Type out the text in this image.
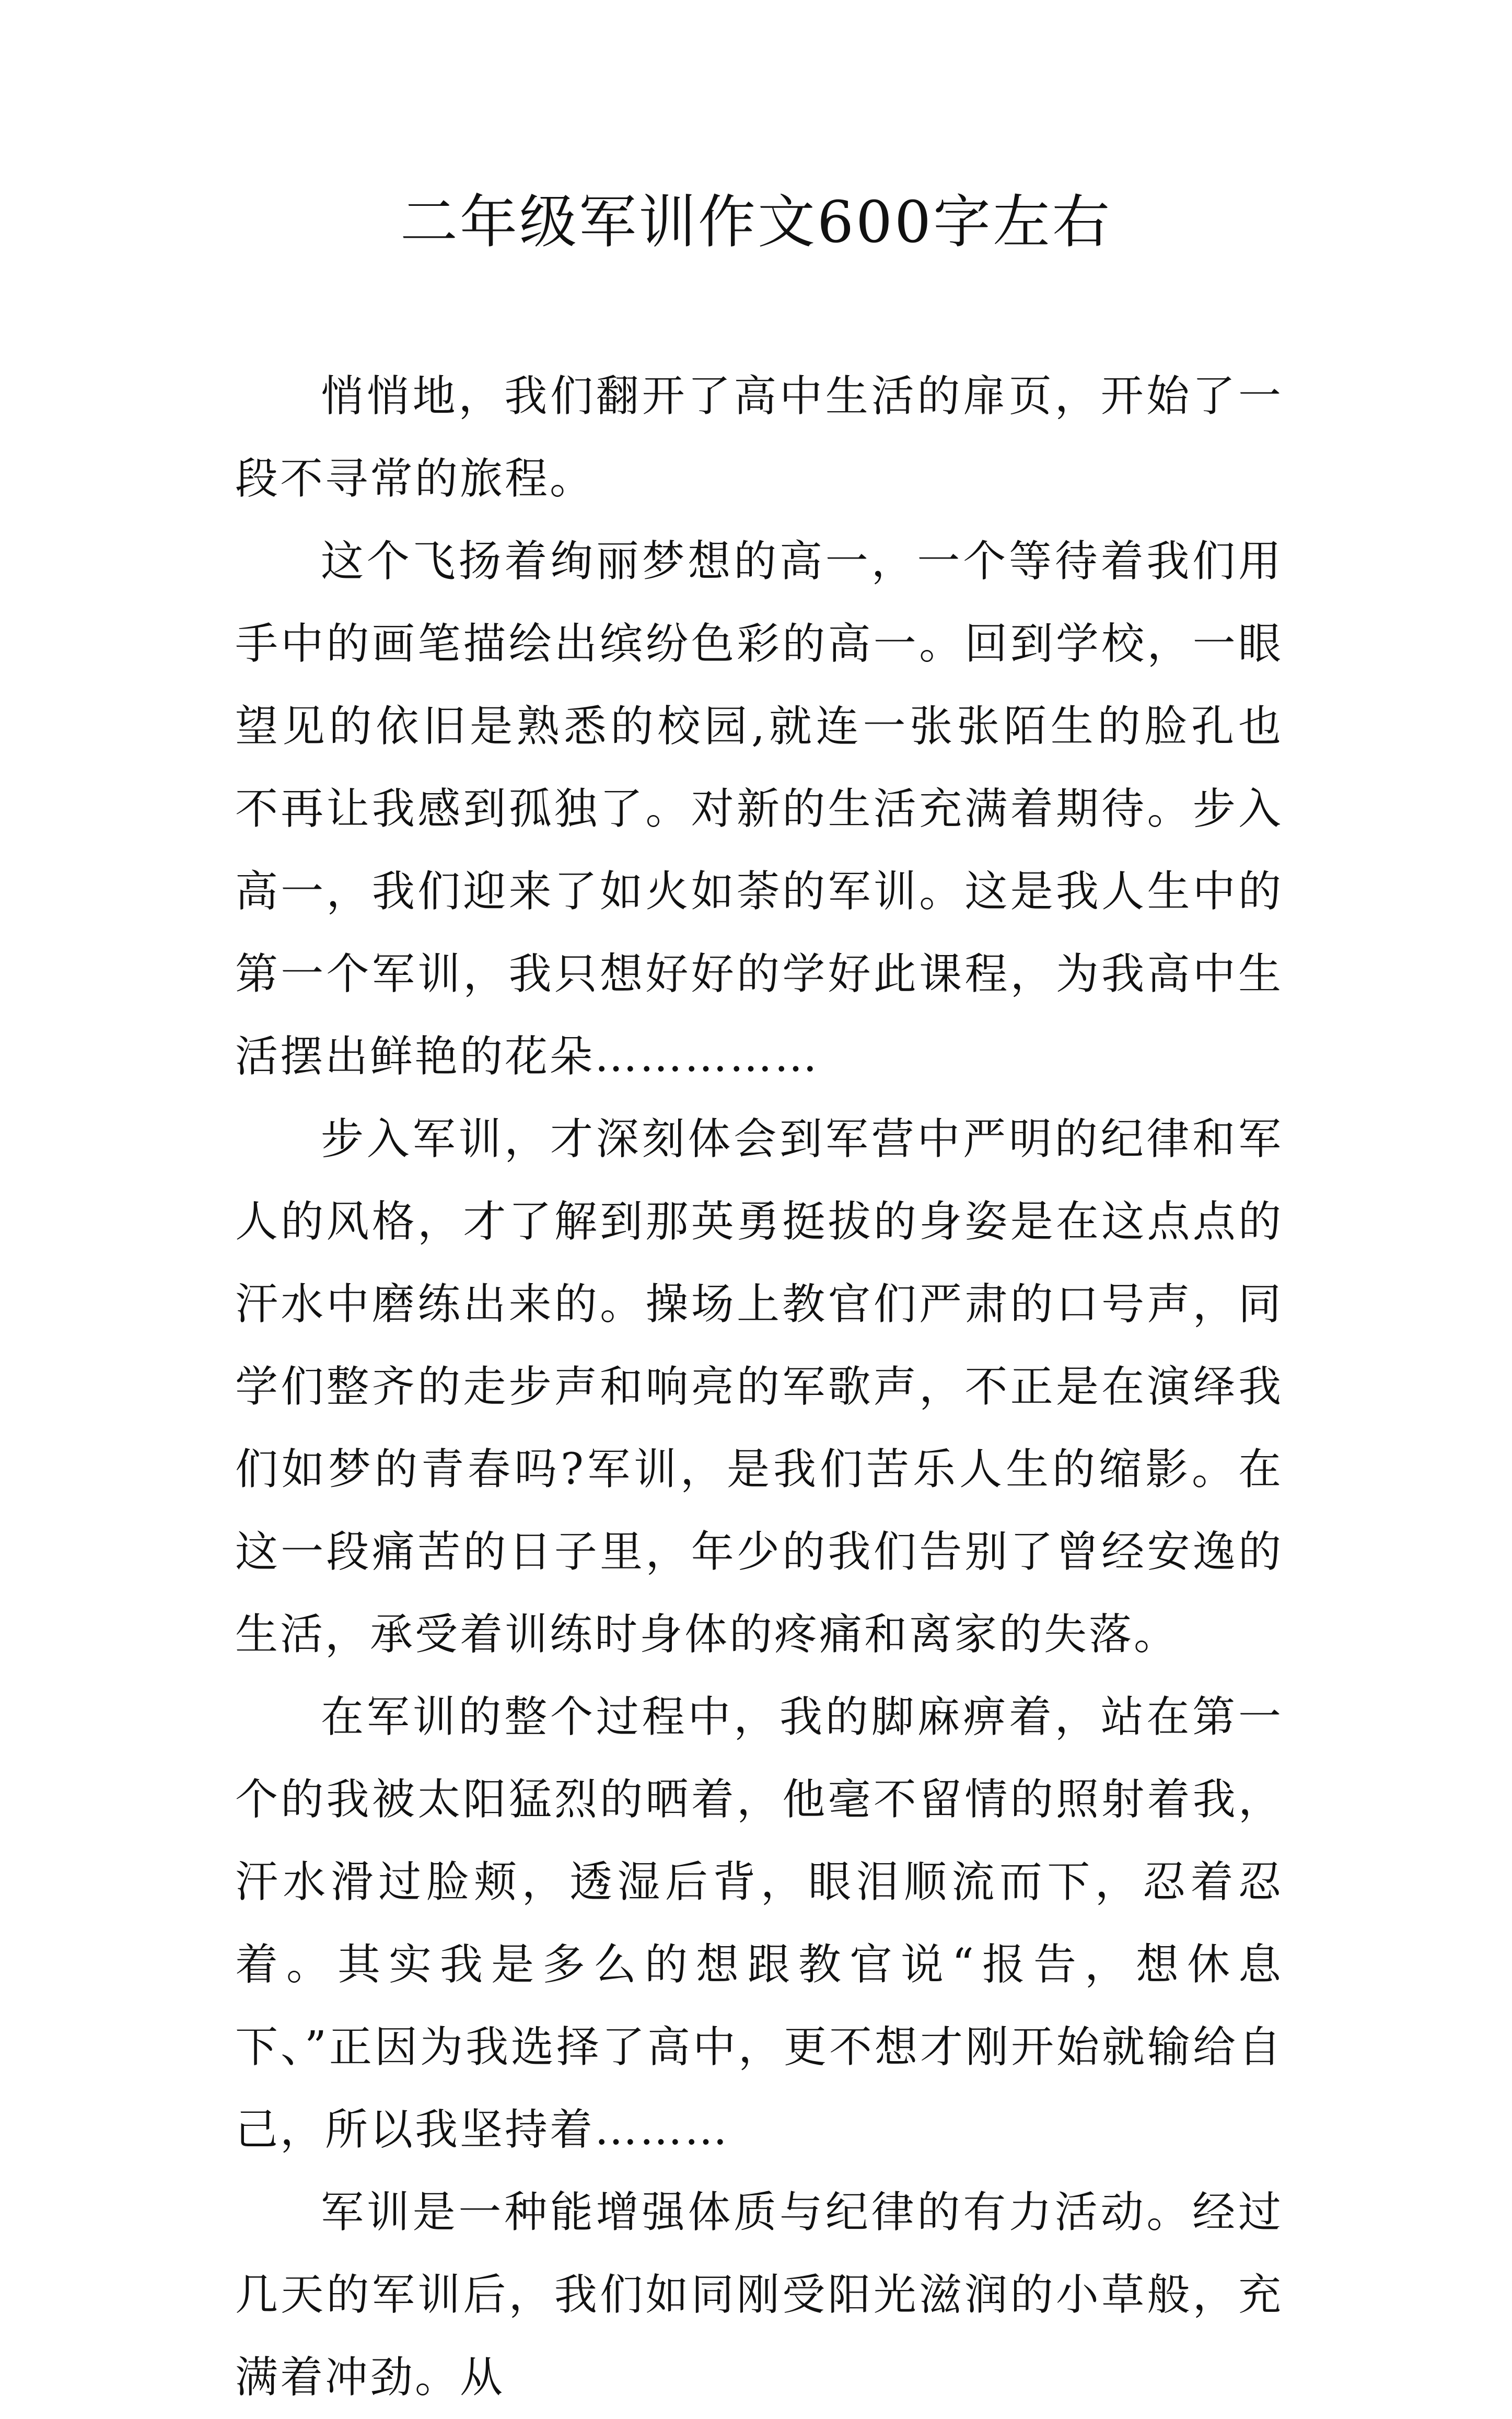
二年级军训作文600字左右

悄悄地，我们翻开了高中生活的扉页，开始了一段不寻常的旅程。

这个飞扬着绚丽梦想的高一，一个等待着我们用手中的画笔描绘出缤纷色彩的高一。回到学校，一眼望见的依旧是熟悉的校园,就连一张张陌生的脸孔也不再让我感到孤独了。对新的生活充满着期待。步入高一，我们迎来了如火如荼的军训。这是我人生中的第一个军训，我只想好好的学好此课程，为我高中生活摆出鲜艳的花朵……………

步入军训，才深刻体会到军营中严明的纪律和军人的风格，才了解到那英勇挺拔的身姿是在这点点的汗水中磨练出来的。操场上教官们严肃的口号声，同学们整齐的走步声和响亮的军歌声，不正是在演绎我们如梦的青春吗?军训，是我们苦乐人生的缩影。在这一段痛苦的日子里，年少的我们告别了曾经安逸的生活，承受着训练时身体的疼痛和离家的失落。

在军训的整个过程中，我的脚麻痹着，站在第一个的我被太阳猛烈的晒着，他毫不留情的照射着我，汗水滑过脸颊，透湿后背，眼泪顺流而下，忍着忍着。其实我是多么的想跟教官说“报告，想休息下、”正因为我选择了高中，更不想才刚开始就输给自己，所以我坚持着………

军训是一种能增强体质与纪律的有力活动。经过几天的军训后，我们如同刚受阳光滋润的小草般，充满着冲劲。从
